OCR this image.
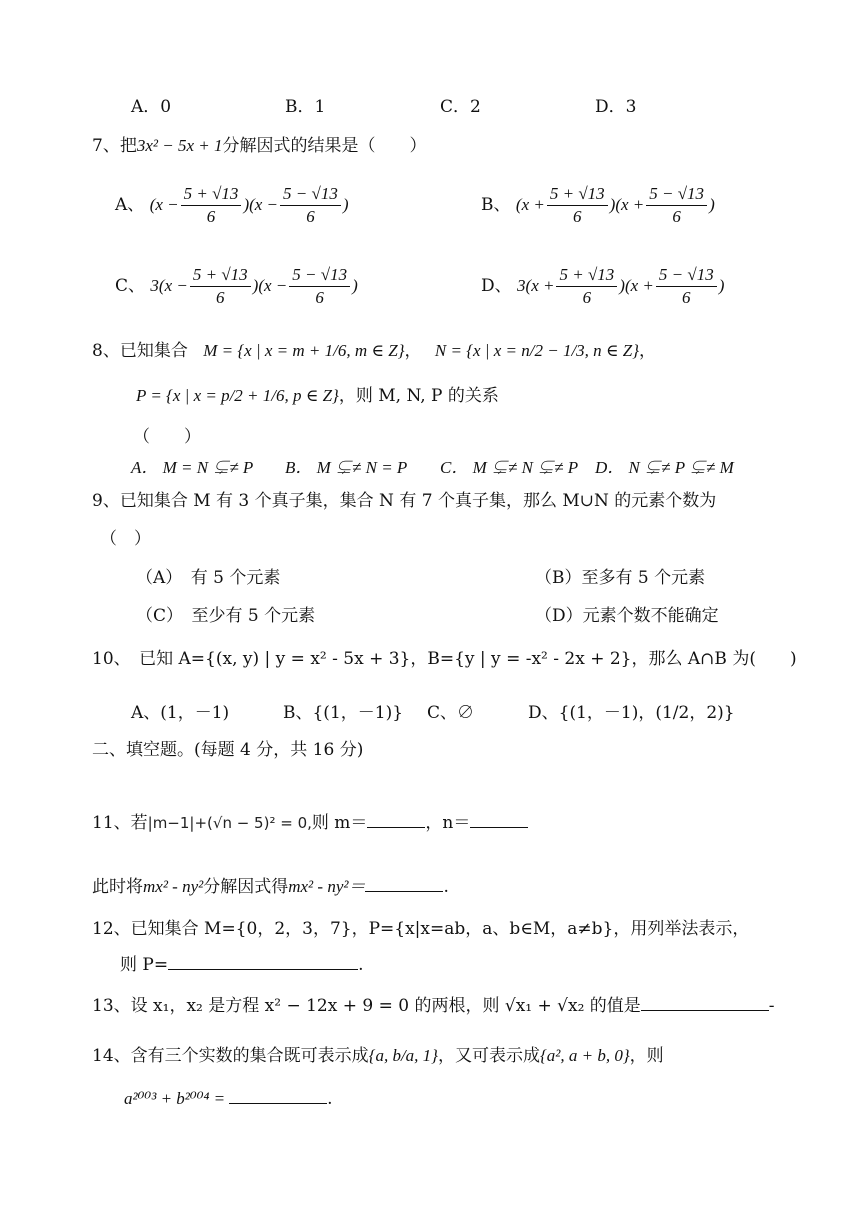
A．0	B．1	C．2	D．3
7、把3x² − 5x + 1分解因式的结果是（　　）
A、 $(x - \frac{5 + √13}{6} )(x - \frac{5 - √13}{6}$ )	B、 $(x + \frac{5 + √13}{6} )(x + \frac{5 - √13}{6}$ )
C、 $3(x - \frac{5 + √13}{6} )(x - \frac{5 - √13}{6}$ )	D、 $3(x + \frac{5 + √13}{6} )(x + \frac{5 - √13}{6}$ )
8、已知集合 M = {x | x = m + 1/6, m ∈ Z}， N = {x | x = n/2 − 1/3, n ∈ Z}，
P = {x | x = p/2 + 1/6, p ∈ Z}，则 M, N, P 的关系
（　　）
A． M = N ⊊≠ P B． M ⊊≠ N = P C． M ⊊≠ N ⊊≠ P D． N ⊊≠ P ⊊≠ M
9、已知集合 M 有 3 个真子集，集合 N 有 7 个真子集，那么 M∪N 的元素个数为
（　）
（A）　有 5 个元素	（B）至多有 5 个元素
（C）　至少有 5 个元素	（D）元素个数不能确定
10、　已知 A={(x, y) | y = x² - 5x + 3}，B={y | y = -x² - 2x + 2}，那么 A∩B 为(　　)
A、(1，－1)	B、{(1，－1)} C、∅	D、{(1，－1)，(1/2，2)}
二、填空题。(每题 4 分，共 16 分)
11、若|m−1|+(√n − 5)² = 0,则 m＝	，n＝
此时将mx² - ny²分解因式得mx² - ny²＝	.
12、已知集合 M={0，2，3，7}，P={x|x=ab，a、b∈M，a≠b}，用列举法表示，
则 P=	.
13、设 x₁，x₂ 是方程 x² − 12x + 9 = 0 的两根，则 √x₁ + √x₂ 的值是	-
14、含有三个实数的集合既可表示成{a, b/a, 1}，又可表示成{a², a + b, 0}，则
a²⁰⁰³ + b²⁰⁰⁴ =	.
